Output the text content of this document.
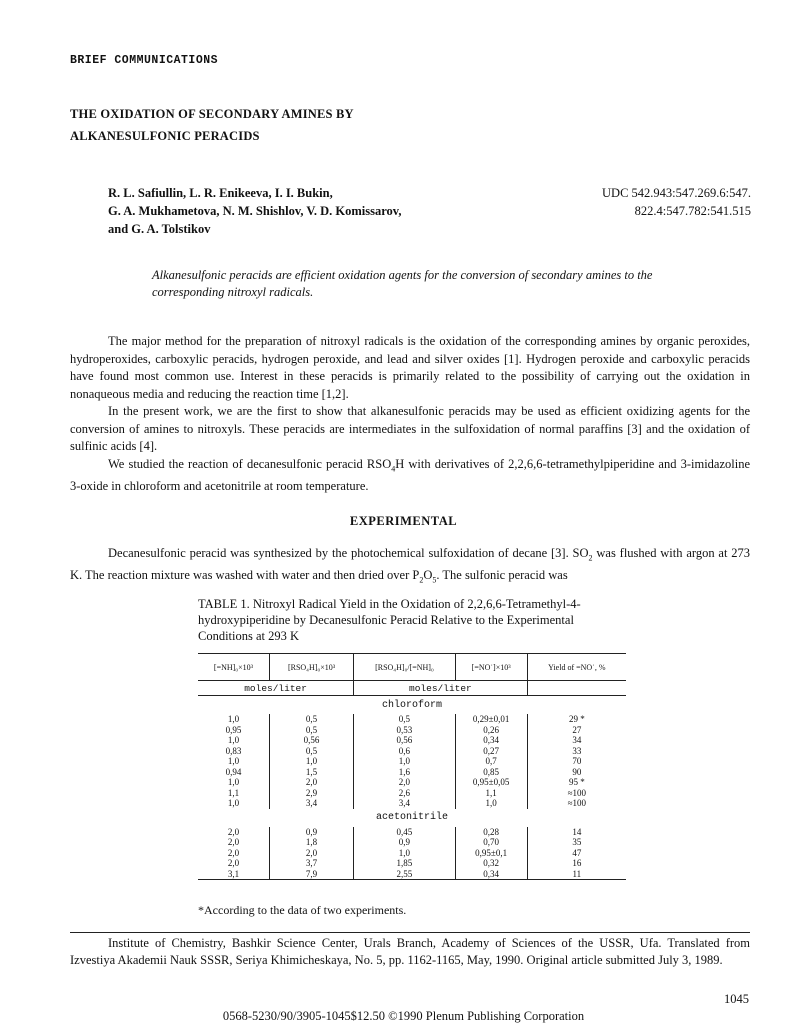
BRIEF COMMUNICATIONS
THE OXIDATION OF SECONDARY AMINES BY
ALKANESULFONIC PERACIDS
R. L. Safiullin, L. R. Enikeeva, I. I. Bukin,
G. A. Mukhametova, N. M. Shishlov, V. D. Komissarov,
and G. A. Tolstikov
UDC 542.943:547.269.6:547.
822.4:547.782:541.515
Alkanesulfonic peracids are efficient oxidation agents for the conversion of secondary amines to the corresponding nitroxyl radicals.

The major method for the preparation of nitroxyl radicals is the oxidation of the corresponding amines by organic peroxides, hydroperoxides, carboxylic peracids, hydrogen peroxide, and lead and silver oxides [1]. Hydrogen peroxide and carboxylic peracids have found most common use. Interest in these peracids is primarily related to the possibility of carrying out the oxidation in nonaqueous media and reducing the reaction time [1,2].

In the present work, we are the first to show that alkanesulfonic peracids may be used as efficient oxidizing agents for the conversion of amines to nitroxyls. These peracids are intermediates in the sulfoxidation of normal paraffins [3] and the oxidation of sulfinic acids [4].

We studied the reaction of decanesulfonic peracid $RSO_4H$ with derivatives of 2,2,6,6-tetramethylpiperidine and 3-imidazoline 3-oxide in chloroform and acetonitrile at room temperature.

EXPERIMENTAL

Decanesulfonic peracid was synthesized by the photochemical sulfoxidation of decane [3]. $SO_2$ was flushed with argon at 273 K. The reaction mixture was washed with water and then dried over $P_2O_5$. The sulfonic peracid was

TABLE 1. Nitroxyl Radical Yield in the Oxidation of 2,2,6,6-Tetramethyl-4-hydroxypiperidine by Decanesulfonic Peracid Relative to the Experimental Conditions at 293 K
[=NH]₀×10³	[RSO₄H]₀×10³	[RSO₄H]₀/[=NH]₀	[=NO˙]×10³	Yield of =NO˙, %
moles/liter		moles/liter		
chloroform				
1,0	0,5	0,5	0,29±0,01	29 *
0,95	0,5	0,53	0,26	27
1,0	0,56	0,56	0,34	34
0,83	0,5	0,6	0,27	33
1,0	1,0	1,0	0,7	70
0,94	1,5	1,6	0,85	90
1,0	2,0	2,0	0,95±0,05	95 *
1,1	2,9	2,6	1,1	≈100
1,0	3,4	3,4	1,0	≈100
acetonitrile				
2,0	0,9	0,45	0,28	14
2,0	1,8	0,9	0,70	35
2,0	2,0	1,0	0,95±0,1	47
2,0	3,7	1,85	0,32	16
3,1	7,9	2,55	0,34	11
*According to the data of two experiments.

Institute of Chemistry, Bashkir Science Center, Urals Branch, Academy of Sciences of the USSR, Ufa. Translated from Izvestiya Akademii Nauk SSSR, Seriya Khimicheskaya, No. 5, pp. 1162-1165, May, 1990. Original article submitted July 3, 1989.

1045
0568-5230/90/3905-1045$12.50 ©1990 Plenum Publishing Corporation
